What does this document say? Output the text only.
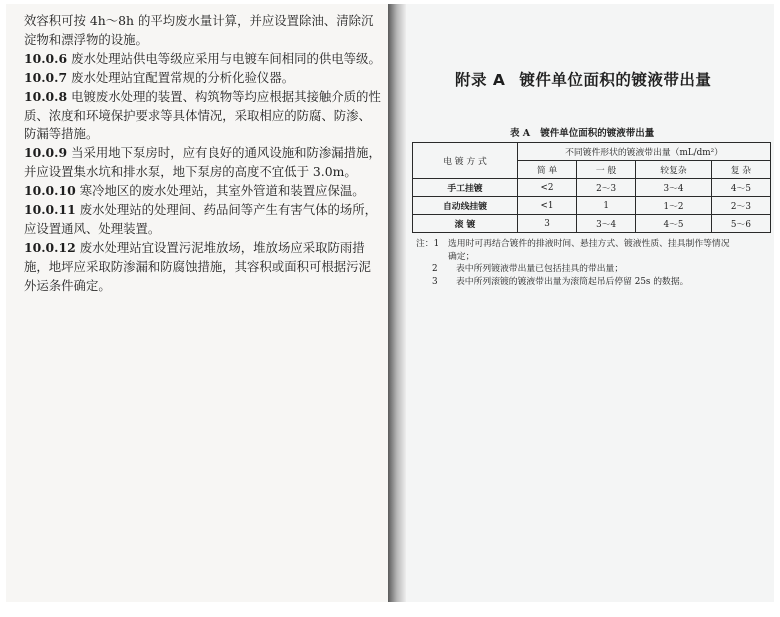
效容积可按 4h～8h 的平均废水量计算，并应设置除油、清除沉淀物和漂浮物的设施。

10.0.6 废水处理站供电等级应采用与电镀车间相同的供电等级。

10.0.7 废水处理站宜配置常规的分析化验仪器。

10.0.8 电镀废水处理的装置、构筑物等均应根据其接触介质的性质、浓度和环境保护要求等具体情况，采取相应的防腐、防渗、防漏等措施。

10.0.9 当采用地下泵房时，应有良好的通风设施和防渗漏措施，并应设置集水坑和排水泵，地下泵房的高度不宜低于 3.0m。

10.0.10 寒冷地区的废水处理站，其室外管道和装置应保温。

10.0.11 废水处理站的处理间、药品间等产生有害气体的场所，应设置通风、处理装置。

10.0.12 废水处理站宜设置污泥堆放场，堆放场应采取防雨措施，地坪应采取防渗漏和防腐蚀措施，其容积或面积可根据污泥外运条件确定。

附录 A 镀件单位面积的镀液带出量
表 A 镀件单位面积的镀液带出量
电 镀 方 式	不同镀件形状的镀液带出量（mL/dm²）			
	简 单	一 般	较复杂	复 杂
手工挂镀	<2	2～3	3～4	4～5
自动线挂镀	<1	1	1～2	2～3
滚 镀	3	3～4	4～5	5～6
注：1 选用时可再结合镀件的排液时间、悬挂方式、镀液性质、挂具制作等情况
确定；
2	表中所列镀液带出量已包括挂具的带出量；
3	表中所列滚镀的镀液带出量为滚筒起吊后停留 25s 的数据。
